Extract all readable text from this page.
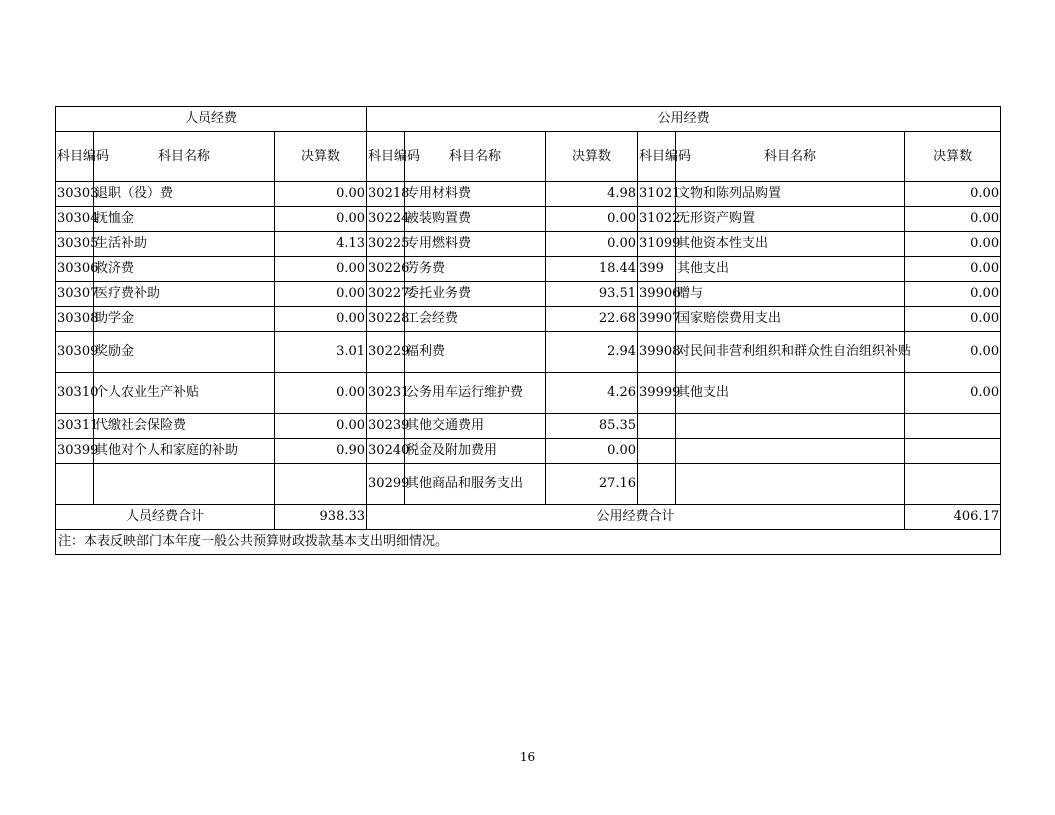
人员经费			公用经费					
科目编码	科目名称	决算数	科目编码	科目名称	决算数	科目编码	科目名称	决算数
30303	退职（役）费	0.00	30218	专用材料费	4.98	31021	文物和陈列品购置	0.00
30304	抚恤金	0.00	30224	被装购置费	0.00	31022	无形资产购置	0.00
30305	生活补助	4.13	30225	专用燃料费	0.00	31099	其他资本性支出	0.00
30306	救济费	0.00	30226	劳务费	18.44	399	其他支出	0.00
30307	医疗费补助	0.00	30227	委托业务费	93.51	39906	赠与	0.00
30308	助学金	0.00	30228	工会经费	22.68	39907	国家赔偿费用支出	0.00
30309	奖励金	3.01	30229	福利费	2.94	39908	对民间非营利组织和群众性自治组织补贴	0.00
30310	个人农业生产补贴	0.00	30231	公务用车运行维护费	4.26	39999	其他支出	0.00
30311	代缴社会保险费	0.00	30239	其他交通费用	85.35			
30399	其他对个人和家庭的补助	0.90	30240	税金及附加费用	0.00			
			30299	其他商品和服务支出	27.16			
人员经费合计		938.33	公用经费合计					406.17
注：本表反映部门本年度一般公共预算财政拨款基本支出明细情况。								
16
